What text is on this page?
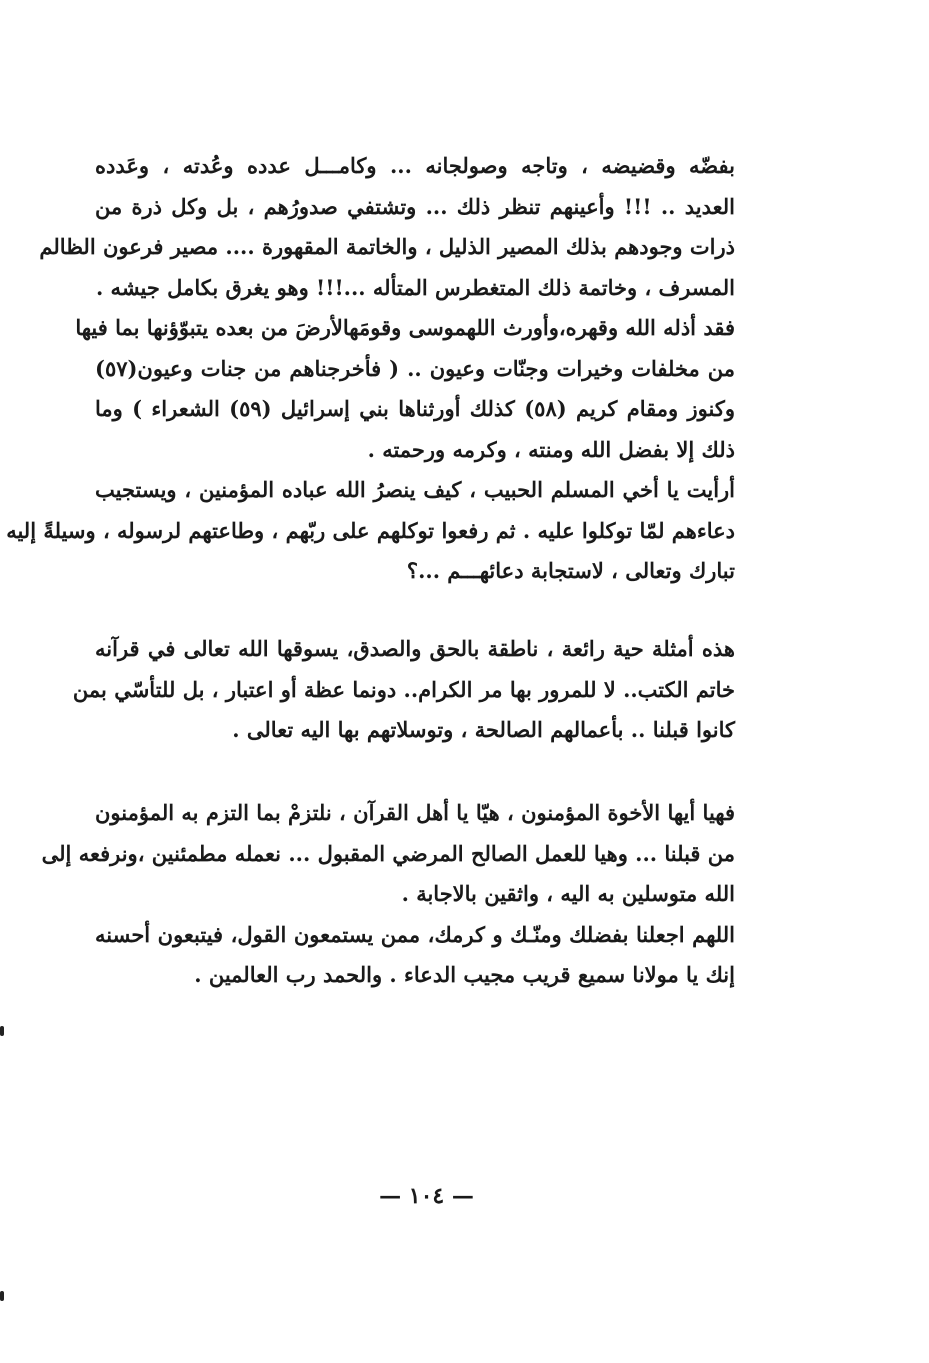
بفضّه وقضيضه ، وتاجه وصولجانه ... وكامـــل عدده وعُدته ، وعَدده
العديد .. !!! وأعينهم تنظر ذلك ... وتشتفي صدورُهم ، بل وكل ذرة من
ذرات وجودهم بذلك المصير الذليل ، والخاتمة المقهورة .... مصير فرعون الظالم
المسرف ، وخاتمة ذلك المتغطرس المتأله ...!!! وهو يغرق بكامل جيشه .
فقد أذله الله وقهره،وأورث اللهموسى وقومَهالأرضَ من بعده يتبوّؤنها بما فيها
من مخلفات وخيرات وجنّات وعيون .. ( فأخرجناهم من جنات وعيون(٥٧)
وكنوز ومقام كريم (٥٨) كذلك أورثناها بني إسرائيل (٥٩) الشعراء ) وما
ذلك إلا بفضل الله ومنته ، وكرمه ورحمته .
أرأيت يا أخي المسلم الحبيب ، كيف ينصرُ الله عباده المؤمنين ، ويستجيب
دعاءهم لمّا توكلوا عليه . ثم رفعوا توكلهم على ربّهم ، وطاعتهم لرسوله ، وسيلةً إليه
تبارك وتعالى ، لاستجابة دعائهـــم ...؟
هذه أمثلة حية رائعة ، ناطقة بالحق والصدق، يسوقها الله تعالى في قرآنه
خاتم الكتب.. لا للمرور بها مر الكرام.. دونما عظة أو اعتبار ، بل للتأسّي بمن
كانوا قبلنا .. بأعمالهم الصالحة ، وتوسلاتهم بها اليه تعالى .
فهيا أيها الأخوة المؤمنون ، هيّا يا أهل القرآن ، نلتزمْ بما التزم به المؤمنون
من قبلنا ... وهيا للعمل الصالح المرضي المقبول ... نعمله مطمئنين ،ونرفعه إلى
الله متوسلين به اليه ، واثقين بالاجابة .
اللهم اجعلنا بفضلك ومنّـك و كرمك، ممن يستمعون القول، فيتبعون أحسنه
إنك يا مولانا سميع قريب مجيب الدعاء . والحمد رب العالمين .
— ١٠٤ —
